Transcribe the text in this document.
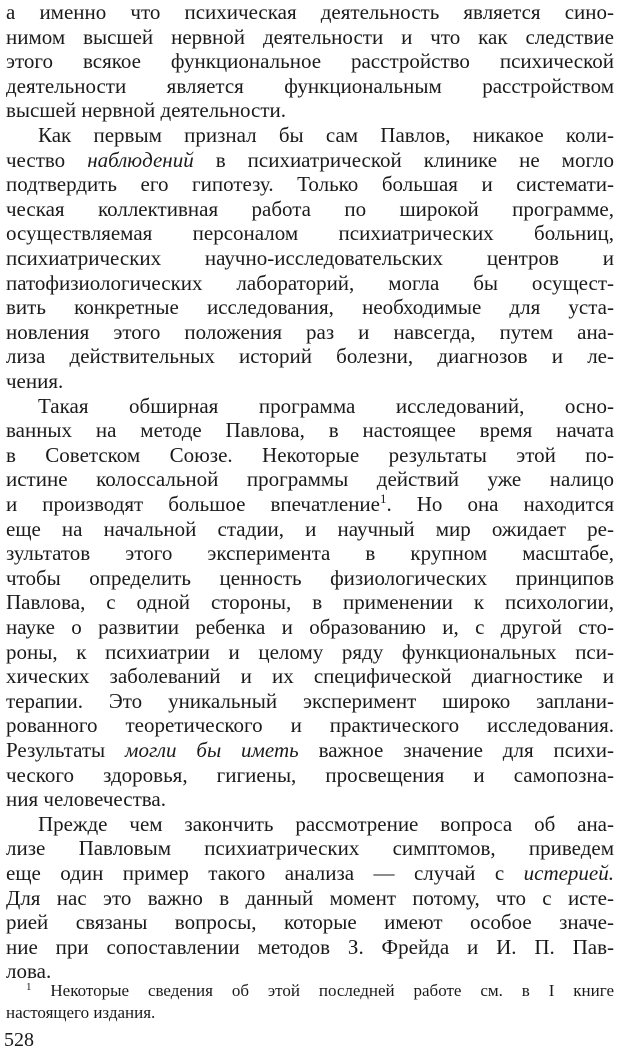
а именно что психическая деятельность является сино-
нимом высшей нервной деятельности и что как следствие
этого всякое функциональное расстройство психической
деятельности является функциональным расстройством
высшей нервной деятельности.
Как первым признал бы сам Павлов, никакое коли-
чество наблюдений в психиатрической клинике не могло
подтвердить его гипотезу. Только большая и системати-
ческая коллективная работа по широкой программе,
осуществляемая персоналом психиатрических больниц,
психиатрических научно-исследовательских центров и
патофизиологических лабораторий, могла бы осущест-
вить конкретные исследования, необходимые для уста-
новления этого положения раз и навсегда, путем ана-
лиза действительных историй болезни, диагнозов и ле-
чения.
Такая обширная программа исследований, осно-
ванных на методе Павлова, в настоящее время начата
в Советском Союзе. Некоторые результаты этой по-
истине колоссальной программы действий уже налицо
и производят большое впечатление$^1$. Но она находится
еще на начальной стадии, и научный мир ожидает ре-
зультатов этого эксперимента в крупном масштабе,
чтобы определить ценность физиологических принципов
Павлова, с одной стороны, в применении к психологии,
науке о развитии ребенка и образованию и, с другой сто-
роны, к психиатрии и целому ряду функциональных пси-
хических заболеваний и их специфической диагностике и
терапии. Это уникальный эксперимент широко заплани-
рованного теоретического и практического исследования.
Результаты могли бы иметь важное значение для психи-
ческого здоровья, гигиены, просвещения и самопозна-
ния человечества.
Прежде чем закончить рассмотрение вопроса об ана-
лизе Павловым психиатрических симптомов, приведем
еще один пример такого анализа — случай с истерией.
Для нас это важно в данный момент потому, что с исте-
рией связаны вопросы, которые имеют особое значе-
ние при сопоставлении методов З. Фрейда и И. П. Пав-
лова.
$^1$ Некоторые сведения об этой последней работе см. в I книге
настоящего издания.
528
